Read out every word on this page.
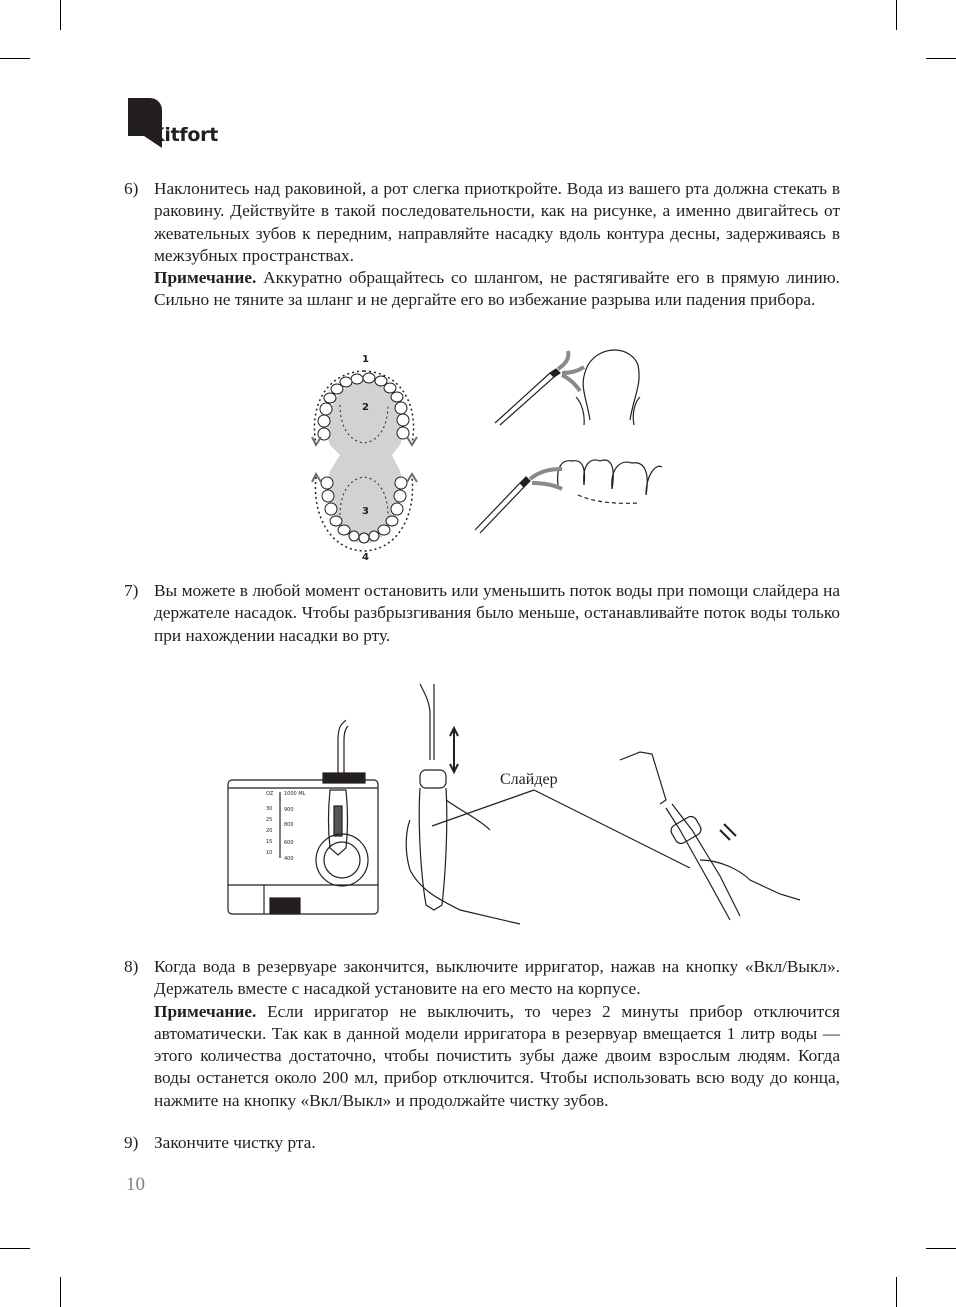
Kitfort
6) Наклонитесь над раковиной, а рот слегка приоткройте. Вода из вашего рта должна стекать в раковину. Действуйте в такой последовательности, как на рисунке, а именно двигайтесь от жевательных зубов к передним, направляйте насадку вдоль контура десны, задерживаясь в межзубных пространствах.

Примечание. Аккуратно обращайтесь со шлангом, не растягивайте его в прямую линию. Сильно не тяните за шланг и не дергайте его во избежание разрыва или падения прибора.

1
2
3
4
7) Вы можете в любой момент остановить или уменьшить поток воды при помощи слайдера на держателе насадок. Чтобы разбрызгивания было меньше, останавливайте поток воды только при нахождении насадки во рту.

OZ
30
25
20
15
10
1000 ML
900
800
600
400
Слайдер
8) Когда вода в резервуаре закончится, выключите ирригатор, нажав на кнопку «Вкл/Выкл». Держатель вместе с насадкой установите на его место на корпусе.

Примечание. Если ирригатор не выключить, то через 2 минуты прибор отключится автоматически. Так как в данной модели ирригатора в резервуар вмещается 1 литр воды — этого количества достаточно, чтобы почистить зубы даже двоим взрослым людям. Когда воды останется около 200 мл, прибор отключится. Чтобы использовать всю воду до конца, нажмите на кнопку «Вкл/Выкл» и продолжайте чистку зубов.

9) Закончите чистку рта.

10
